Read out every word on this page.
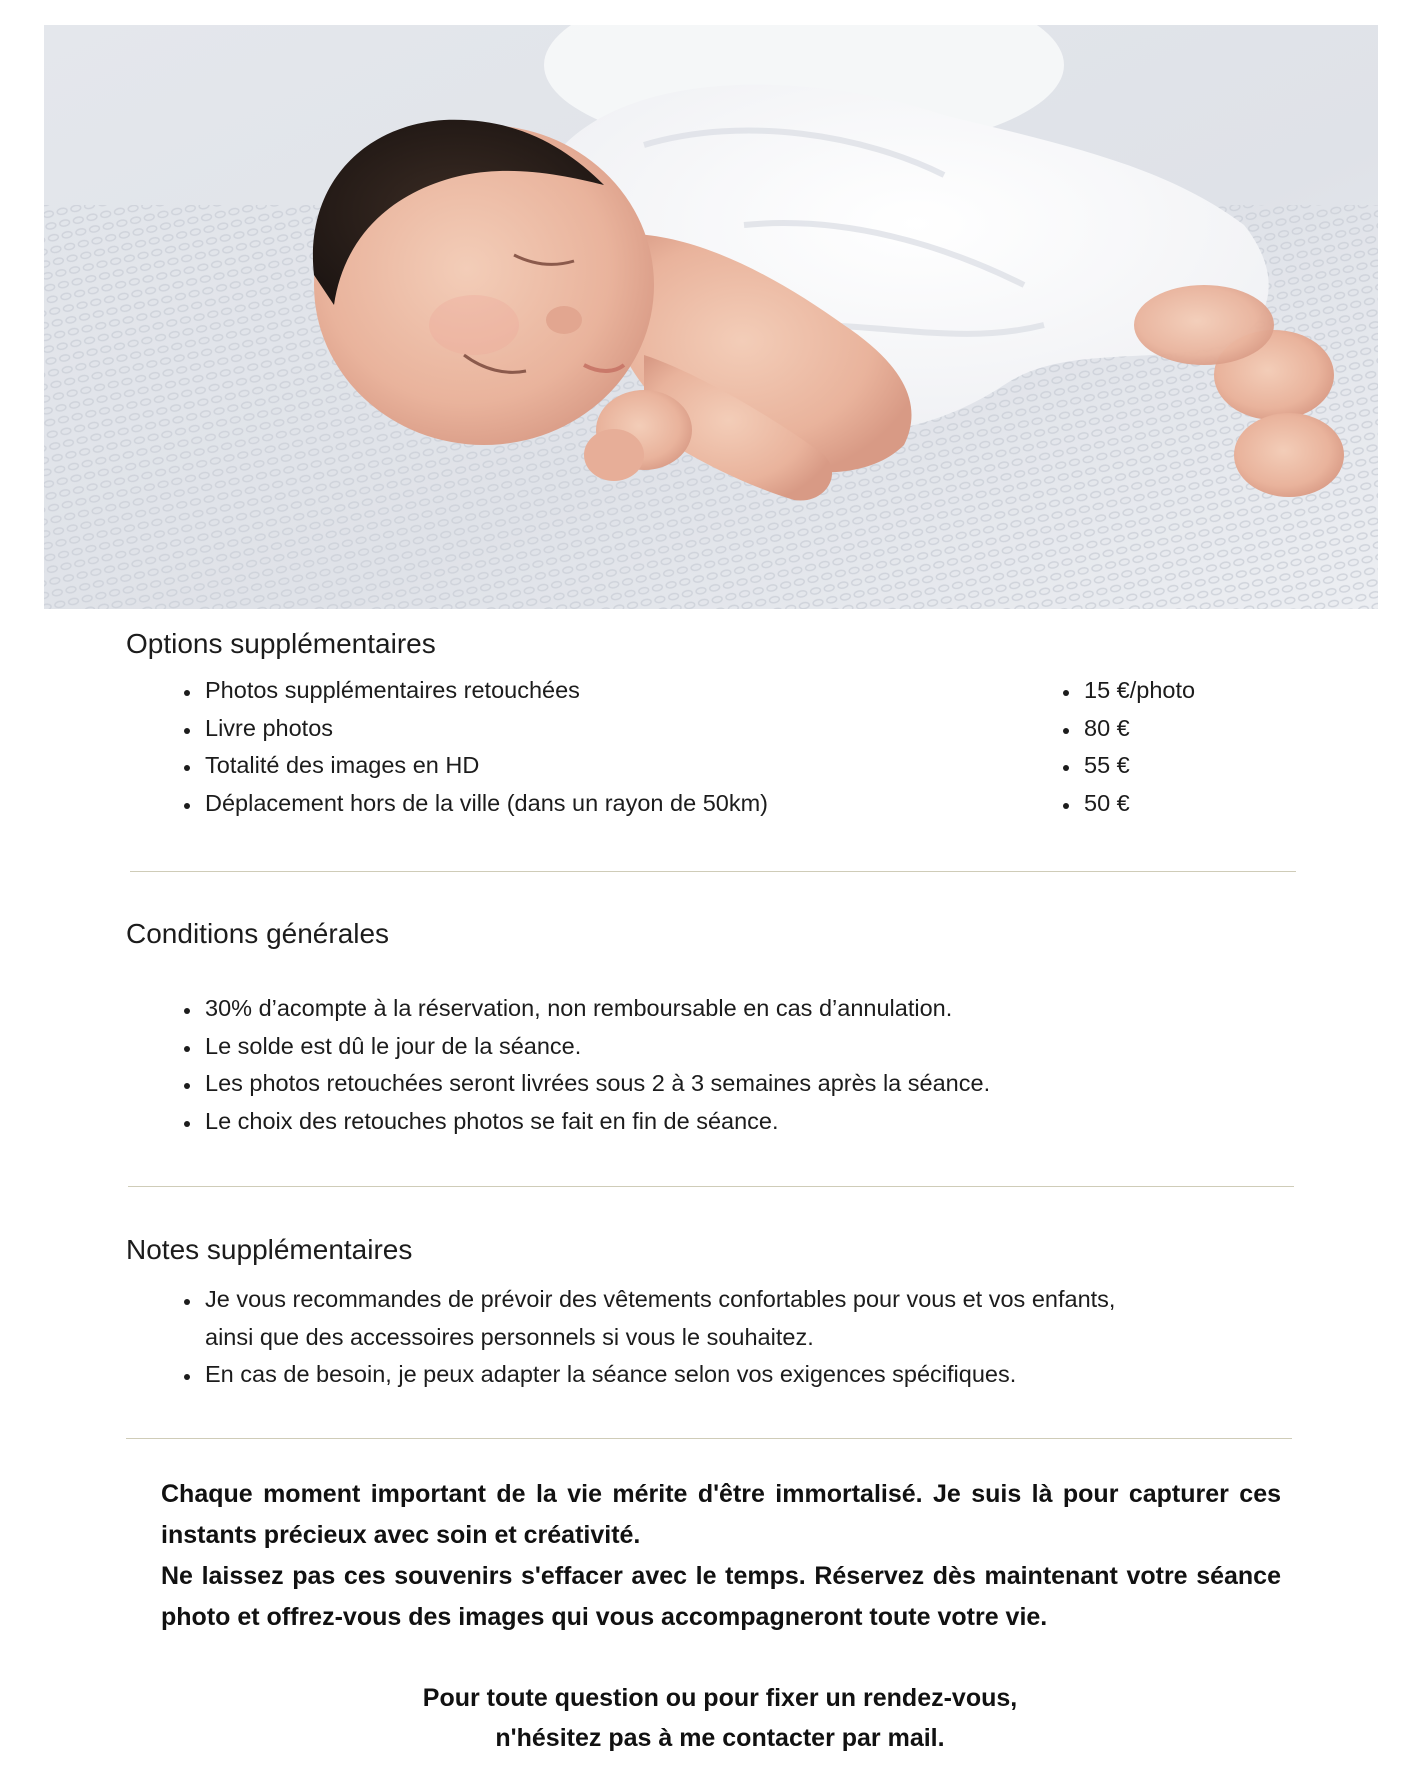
Options supplémentaires
• Photos supplémentaires retouchées
• Livre photos
• Totalité des images en HD
• Déplacement hors de la ville (dans un rayon de 50km)
• 15 €/photo
• 80 €
• 55 €
• 50 €
Conditions générales
• 30% d’acompte à la réservation, non remboursable en cas d’annulation.
• Le solde est dû le jour de la séance.
• Les photos retouchées seront livrées sous 2 à 3 semaines après la séance.
• Le choix des retouches photos se fait en fin de séance.
Notes supplémentaires
• Je vous recommandes de prévoir des vêtements confortables pour vous et vos enfants, ainsi que des accessoires personnels si vous le souhaitez.
• En cas de besoin, je peux adapter la séance selon vos exigences spécifiques.

Chaque moment important de la vie mérite d'être immortalisé. Je suis là pour capturer ces instants précieux avec soin et créativité.

Ne laissez pas ces souvenirs s'effacer avec le temps. Réservez dès maintenant votre séance photo et offrez-vous des images qui vous accompagneront toute votre vie.

Pour toute question ou pour fixer un rendez-vous,

n'hésitez pas à me contacter par mail.
